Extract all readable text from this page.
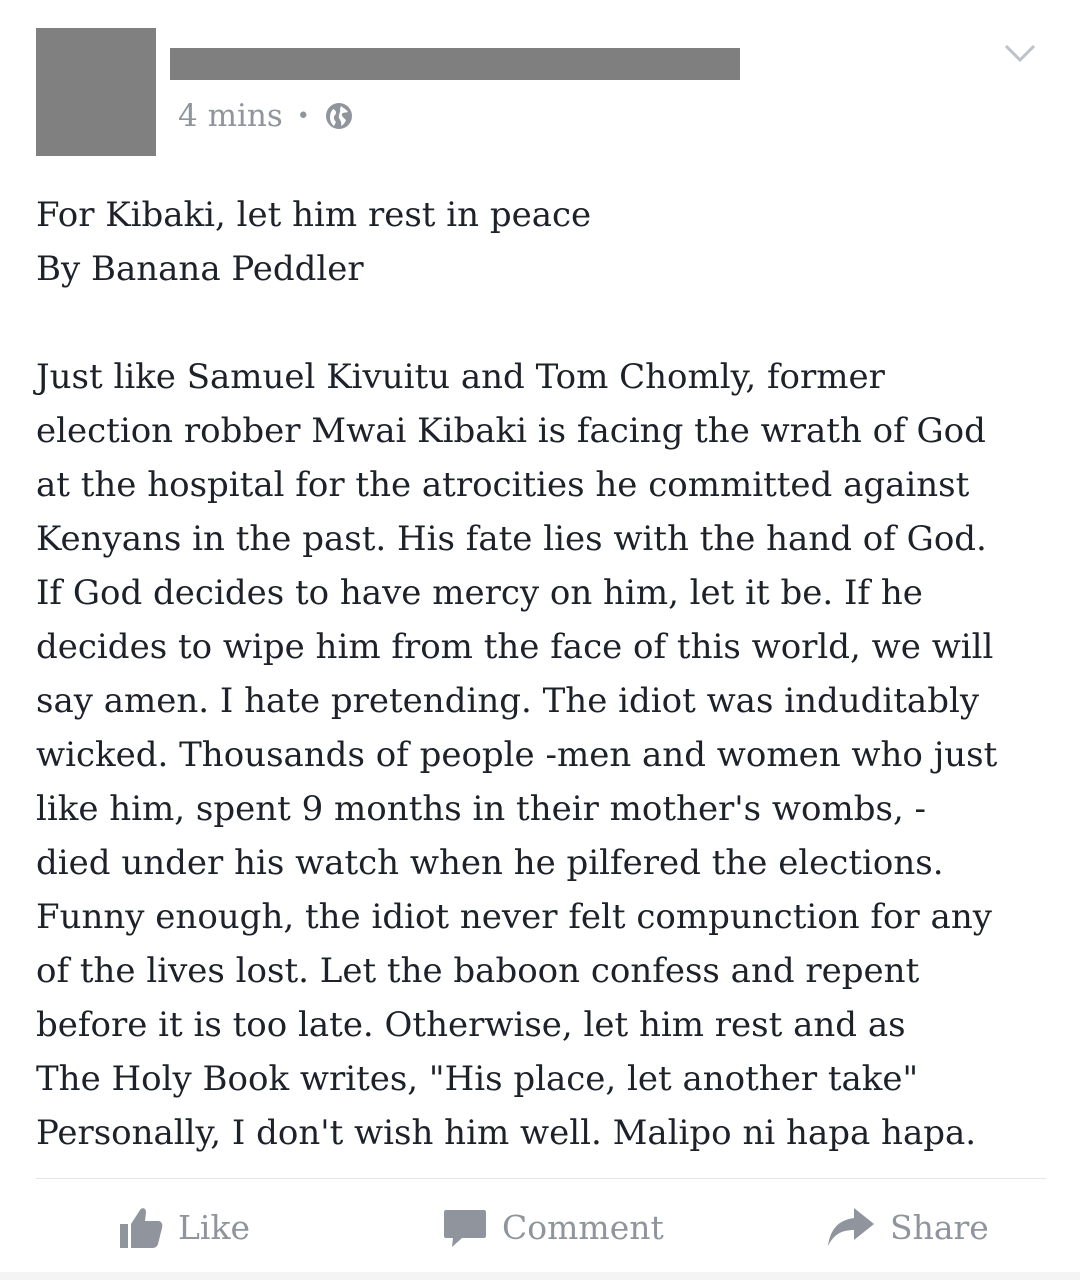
4 mins •

For Kibaki, let him rest in peace
By Banana Peddler

Just like Samuel Kivuitu and Tom Chomly, former
election robber Mwai Kibaki is facing the wrath of God
at the hospital for the atrocities he committed against
Kenyans in the past. His fate lies with the hand of God.
If God decides to have mercy on him, let it be. If he
decides to wipe him from the face of this world, we will
say amen. I hate pretending. The idiot was induditably
wicked. Thousands of people -men and women who just
like him, spent 9 months in their mother's wombs, -
died under his watch when he pilfered the elections.
Funny enough, the idiot never felt compunction for any
of the lives lost. Let the baboon confess and repent
before it is too late. Otherwise, let him rest and as
The Holy Book writes, "His place, let another take"
Personally, I don't wish him well. Malipo ni hapa hapa.
Like	Comment	Share
